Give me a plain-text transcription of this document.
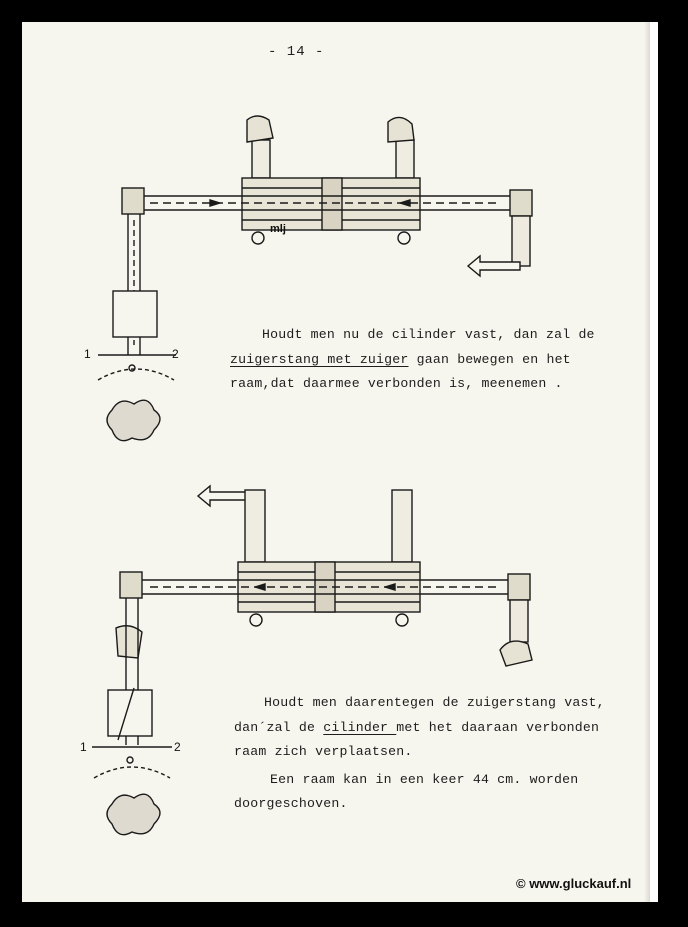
- 14 -
mlj
1	2
Houdt men nu de cilinder vast, dan zal de
zuigerstang met zuiger gaan bewegen en het
raam,dat daarmee verbonden is, meenemen .
1	2
Houdt men daarentegen de zuigerstang vast,
dan´zal de cilinder met het daaraan verbonden
raam zich verplaatsen.
Een raam kan in een keer 44 cm. worden
doorgeschoven.
© www.gluckauf.nl
